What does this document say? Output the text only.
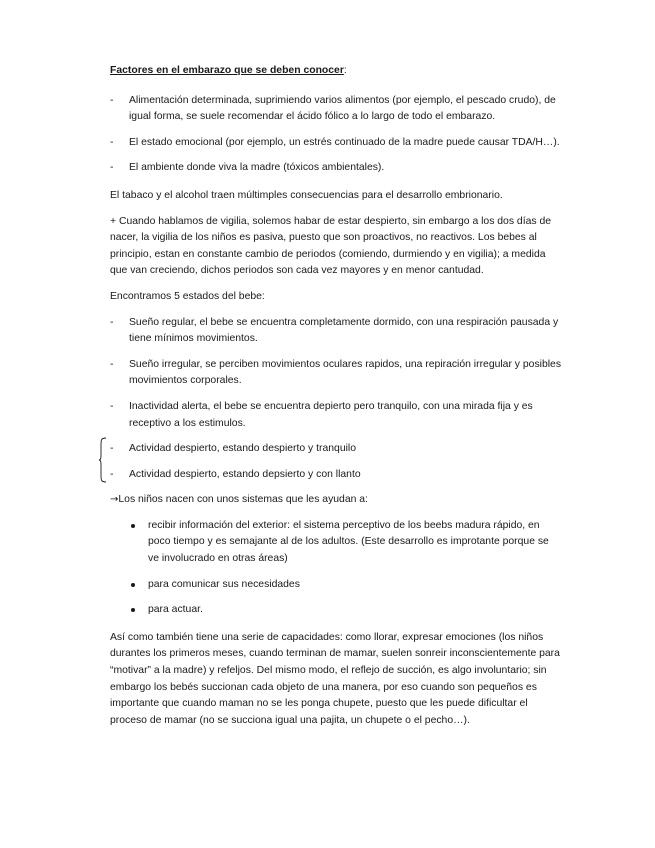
Factores en el embarazo que se deben conocer:

- Alimentación determinada, suprimiendo varios alimentos (por ejemplo, el pescado crudo), de igual forma, se suele recomendar el ácido fólico a lo largo de todo el embarazo.
- El estado emocional (por ejemplo, un estrés continuado de la madre puede causar TDA/H…).
- El ambiente donde viva la madre (tóxicos ambientales).

El tabaco y el alcohol traen múltimples consecuencias para el desarrollo embrionario.

+ Cuando hablamos de vigilia, solemos habar de estar despierto, sin embargo a los dos días de nacer, la vigilia de los niños es pasiva, puesto que son proactivos, no reactivos. Los bebes al principio, estan en constante cambio de periodos (comiendo, durmiendo y en vigilia); a medida que van creciendo, dichos periodos son cada vez mayores y en menor cantudad.

Encontramos 5 estados del bebe:

- Sueño regular, el bebe se encuentra completamente dormido, con una respiración pausada y tiene mínimos movimientos.
- Sueño irregular, se perciben movimientos oculares rapidos, una repiración irregular y posibles movimientos corporales.
- Inactividad alerta, el bebe se encuentra depierto pero tranquilo, con una mirada fija y es receptivo a los estimulos.
- Actividad despierto, estando despierto y tranquilo
- Actividad despierto, estando depsierto y con llanto

→Los niños nacen con unos sistemas que les ayudan a:

recibir información del exterior: el sistema perceptivo de los beebs madura rápido, en poco tiempo y es semajante al de los adultos. (Este desarrollo es improtante porque se ve involucrado en otras áreas)
para comunicar sus necesidades
para actuar.

Así como también tiene una serie de capacidades: como llorar, expresar emociones (los niños durantes los primeros meses, cuando terminan de mamar, suelen sonreir inconscientemente para “motivar” a la madre) y refeljos. Del mismo modo, el reflejo de succión, es algo involuntario; sin embargo los bebés succionan cada objeto de una manera, por eso cuando son pequeños es importante que cuando maman no se les ponga chupete, puesto que les puede dificultar el proceso de mamar (no se succiona igual una pajita, un chupete o el pecho…).
